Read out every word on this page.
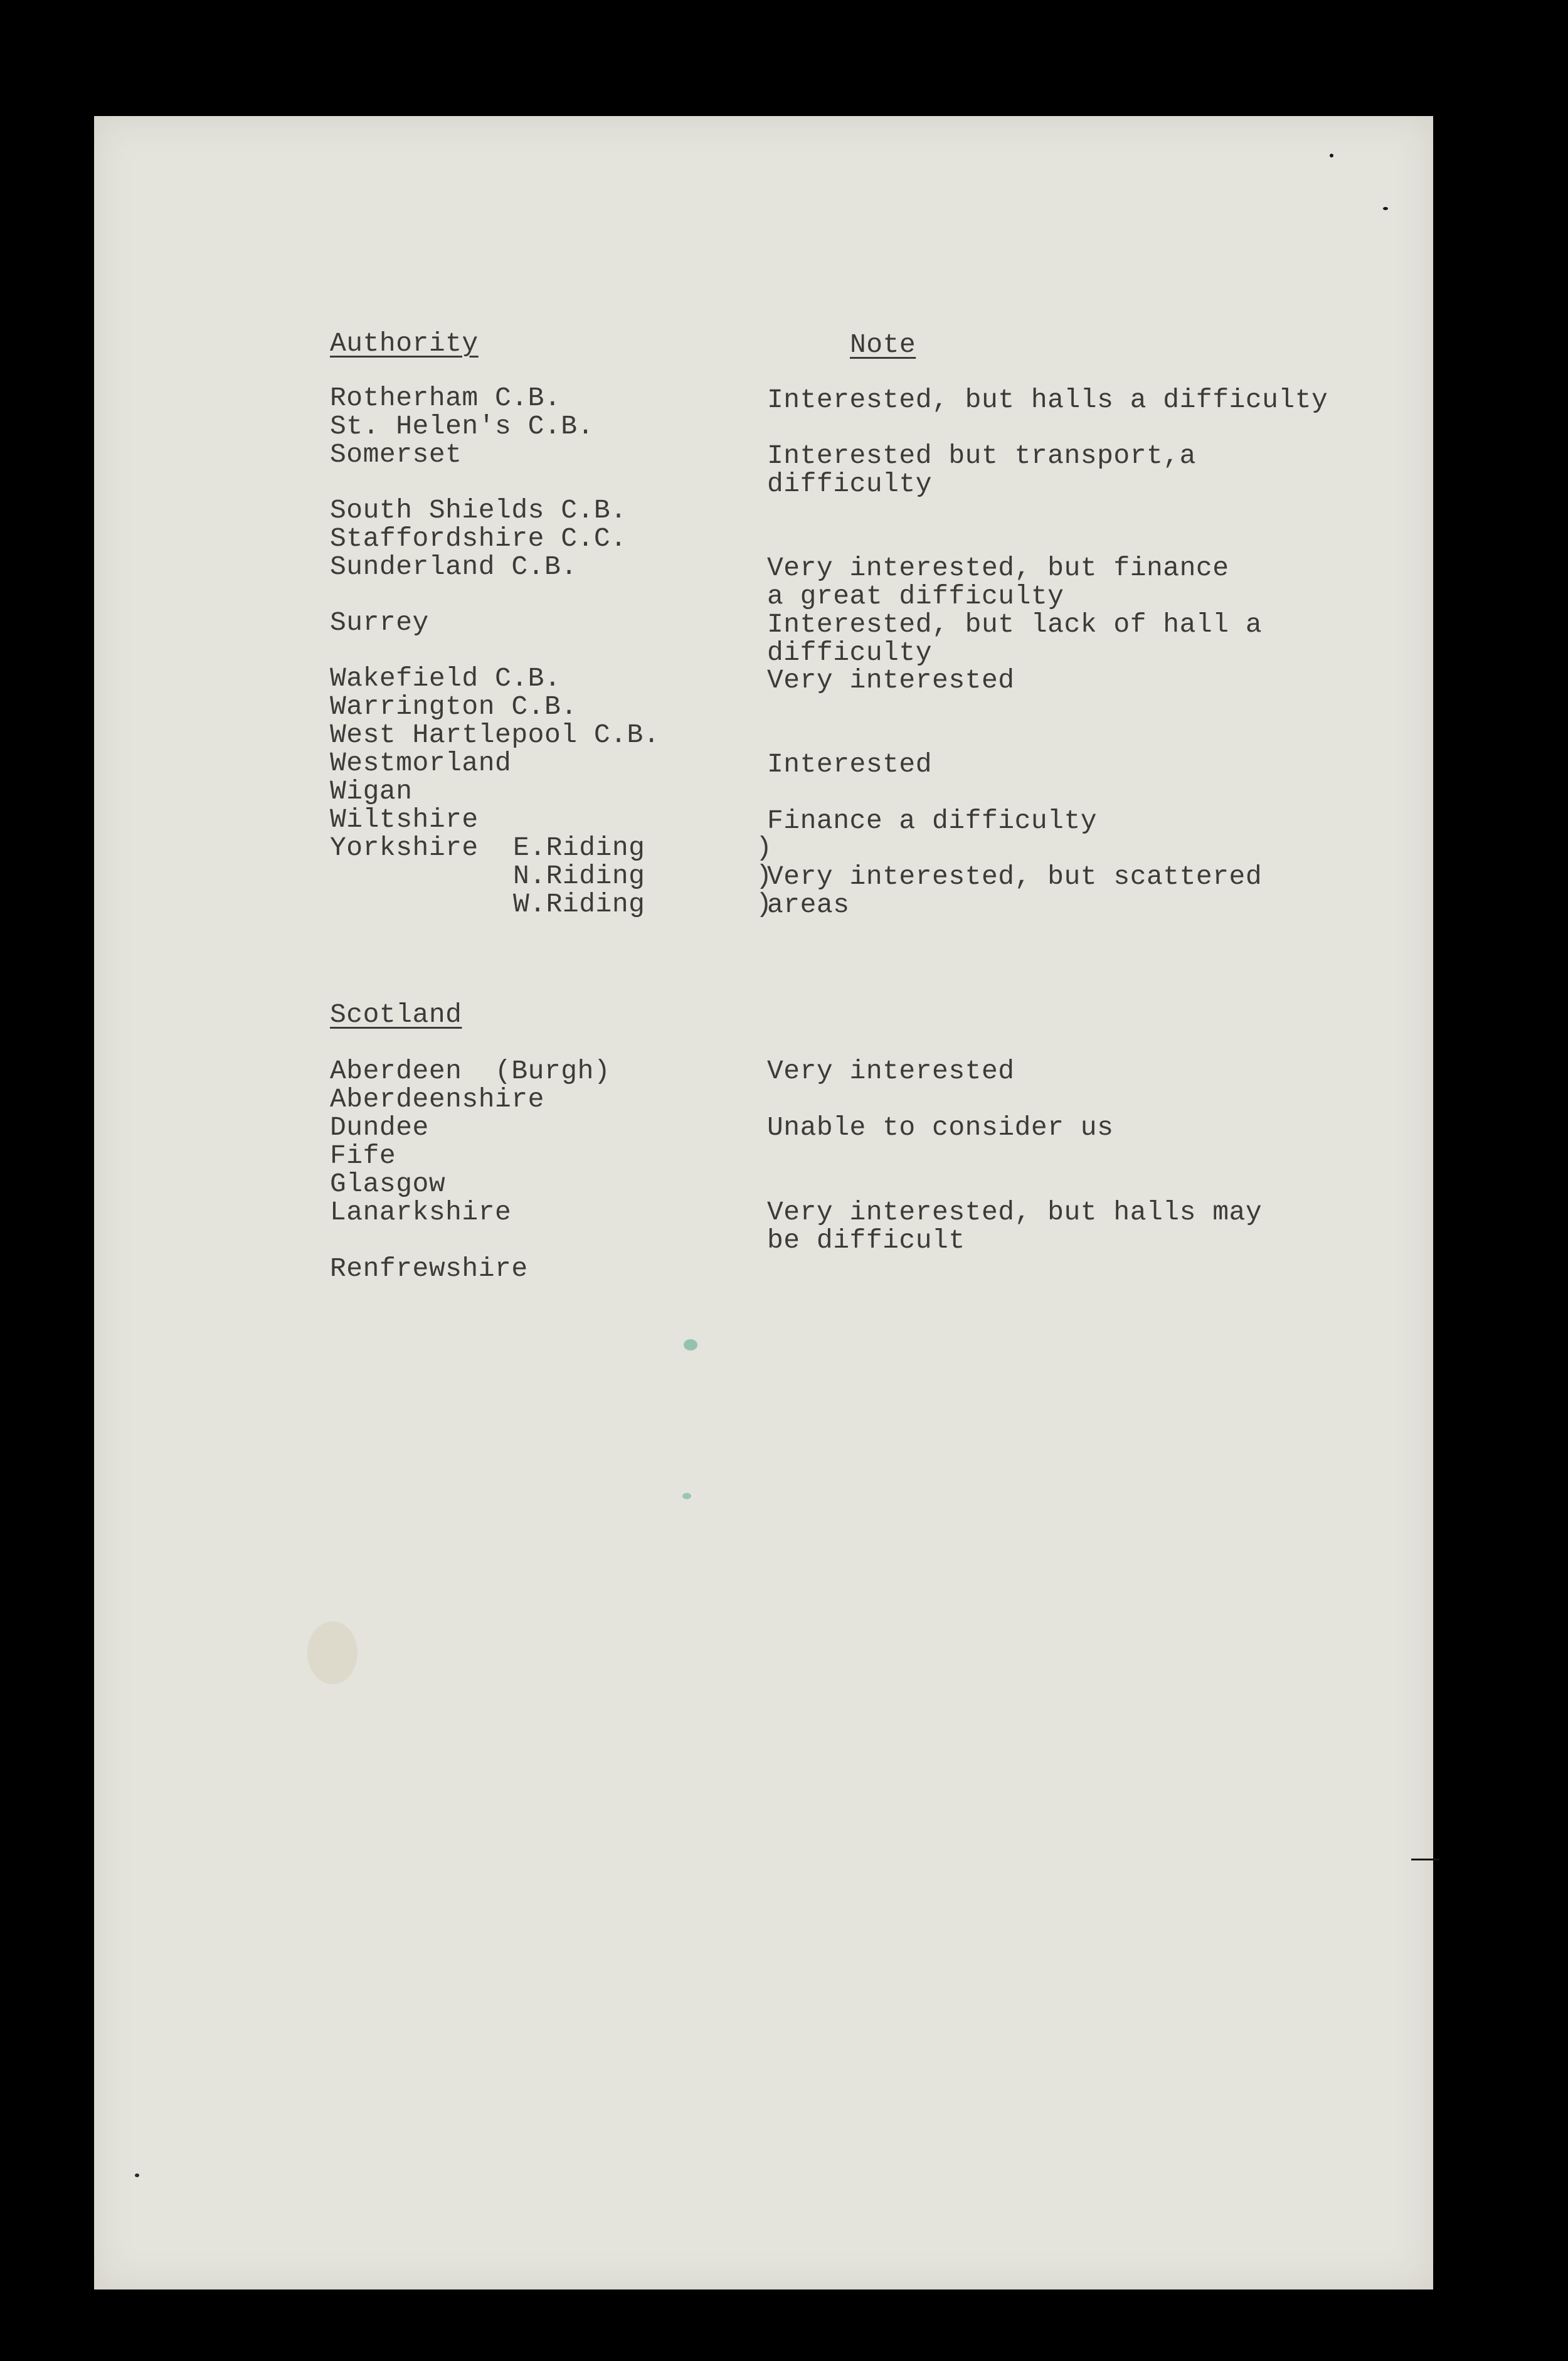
Authority	Note
Rotherham C.B.
St. Helen's C.B.
Somerset
South Shields C.B.
Staffordshire C.C.
Sunderland C.B.
Surrey
Wakefield C.B.
Warrington C.B.
West Hartlepool C.B.
Westmorland
Wigan
Wiltshire
Yorkshire E.Riding
N.Riding
W.Riding
)
)
)
Interested, but halls a difficulty
Interested but transport,a
difficulty
Very interested, but finance
a great difficulty
Interested, but lack of hall a
difficulty
Very interested
Interested
Finance a difficulty
Very interested, but scattered
areas
Scotland
Aberdeen  (Burgh)
Aberdeenshire
Dundee
Fife
Glasgow
Lanarkshire
Renfrewshire
Very interested
Unable to consider us
Very interested, but halls may
be difficult
